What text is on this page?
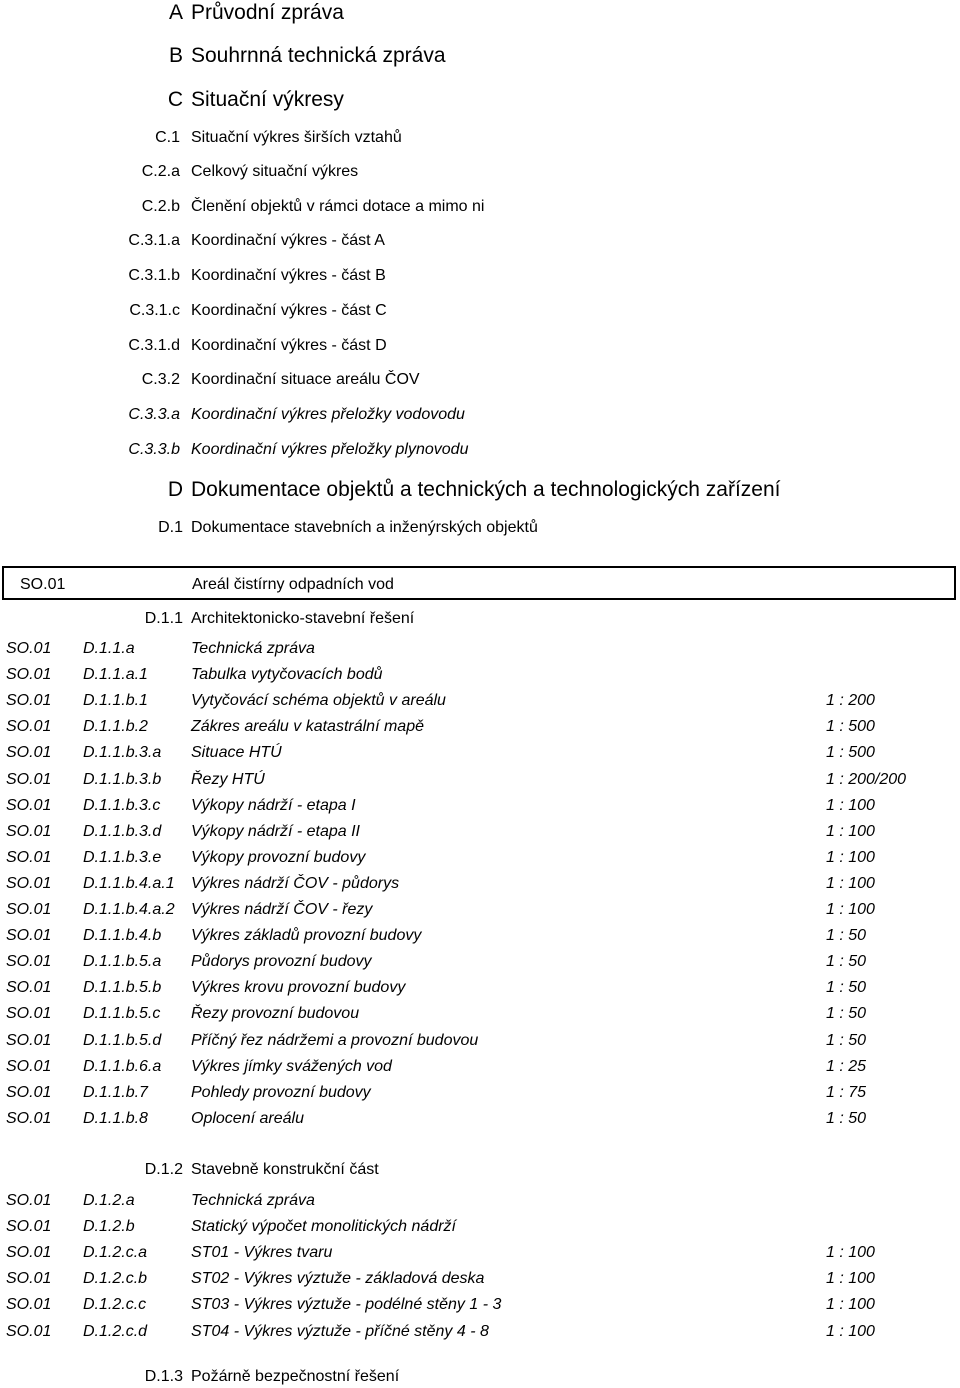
A Průvodní zpráva
B Souhrnná technická zpráva
C Situační výkresy
C.1 Situační výkres širších vztahů
C.2.a Celkový situační výkres
C.2.b Členění objektů v rámci dotace a mimo ni
C.3.1.a Koordinační výkres - část A
C.3.1.b Koordinační výkres - část B
C.3.1.c Koordinační výkres - část C
C.3.1.d Koordinační výkres - část D
C.3.2 Koordinační situace areálu ČOV
C.3.3.a Koordinační výkres přeložky vodovodu
C.3.3.b Koordinační výkres přeložky plynovodu
D Dokumentace objektů a technických a technologických zařízení
D.1 Dokumentace stavebních a inženýrských objektů
SO.01	Areál čistírny odpadních vod
D.1.1 Architektonicko-stavební řešení
SO.01 D.1.1.a	Technická zpráva
SO.01 D.1.1.a.1	Tabulka vytyčovacích bodů
SO.01 D.1.1.b.1	Vytyčovácí schéma objektů v areálu	1 : 200
SO.01 D.1.1.b.2	Zákres areálu v katastrální mapě	1 : 500
SO.01 D.1.1.b.3.a Situace HTÚ	1 : 500
SO.01 D.1.1.b.3.b Řezy HTÚ	1 : 200/200
SO.01 D.1.1.b.3.c Výkopy nádrží - etapa I	1 : 100
SO.01 D.1.1.b.3.d Výkopy nádrží - etapa II	1 : 100
SO.01 D.1.1.b.3.e Výkopy provozní budovy	1 : 100
SO.01 D.1.1.b.4.a.1 Výkres nádrží ČOV - půdorys	1 : 100
SO.01 D.1.1.b.4.a.2 Výkres nádrží ČOV - řezy	1 : 100
SO.01 D.1.1.b.4.b Výkres základů provozní budovy	1 : 50
SO.01 D.1.1.b.5.a Půdorys provozní budovy	1 : 50
SO.01 D.1.1.b.5.b Výkres krovu provozní budovy	1 : 50
SO.01 D.1.1.b.5.c Řezy provozní budovou	1 : 50
SO.01 D.1.1.b.5.d Příčný řez nádržemi a provozní budovou	1 : 50
SO.01 D.1.1.b.6.a Výkres jímky svážených vod	1 : 25
SO.01 D.1.1.b.7	Pohledy provozní budovy	1 : 75
SO.01 D.1.1.b.8	Oplocení areálu	1 : 50
D.1.2 Stavebně konstrukční část
SO.01 D.1.2.a	Technická zpráva
SO.01 D.1.2.b	Statický výpočet monolitických nádrží
SO.01 D.1.2.c.a	ST01 - Výkres tvaru	1 : 100
SO.01 D.1.2.c.b	ST02 - Výkres výztuže - základová deska	1 : 100
SO.01 D.1.2.c.c	ST03 - Výkres výztuže - podélné stěny 1 - 3	1 : 100
SO.01 D.1.2.c.d	ST04 - Výkres výztuže - příčné stěny 4 - 8	1 : 100
D.1.3 Požárně bezpečnostní řešení
